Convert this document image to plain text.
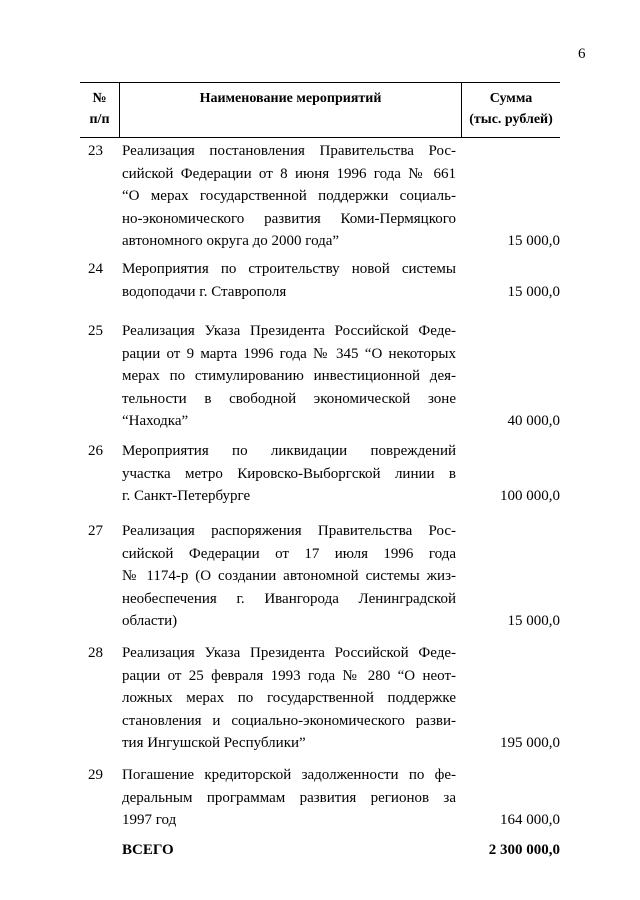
6
№
п/п
Наименование мероприятий	Сумма
(тыс. рублей)
23 Реализация постановления Правительства Рос-
сийской Федерации от 8 июня 1996 года № 661
“О мерах государственной поддержки социаль-
но-экономического развития Коми-Пермяцкого
автономного округа до 2000 года”	15 000,0
24 Мероприятия по строительству новой системы
водоподачи г. Ставрополя	15 000,0
25 Реализация Указа Президента Российской Феде-
рации от 9 марта 1996 года № 345 “О некоторых
мерах по стимулированию инвестиционной дея-
тельности в свободной экономической зоне
“Находка”	40 000,0
26 Мероприятия по ликвидации повреждений
участка метро Кировско-Выборгской линии в
г. Санкт-Петербурге	100 000,0
27 Реализация распоряжения Правительства Рос-
сийской Федерации от 17 июля 1996 года
№ 1174-р (О создании автономной системы жиз-
необеспечения г. Ивангорода Ленинградской
области)	15 000,0
28 Реализация Указа Президента Российской Феде-
рации от 25 февраля 1993 года № 280 “О неот-
ложных мерах по государственной поддержке
становления и социально-экономического разви-
тия Ингушской Республики”	195 000,0
29 Погашение кредиторской задолженности по фе-
деральным программам развития регионов за
1997 год	164 000,0
ВСЕГО	2 300 000,0
